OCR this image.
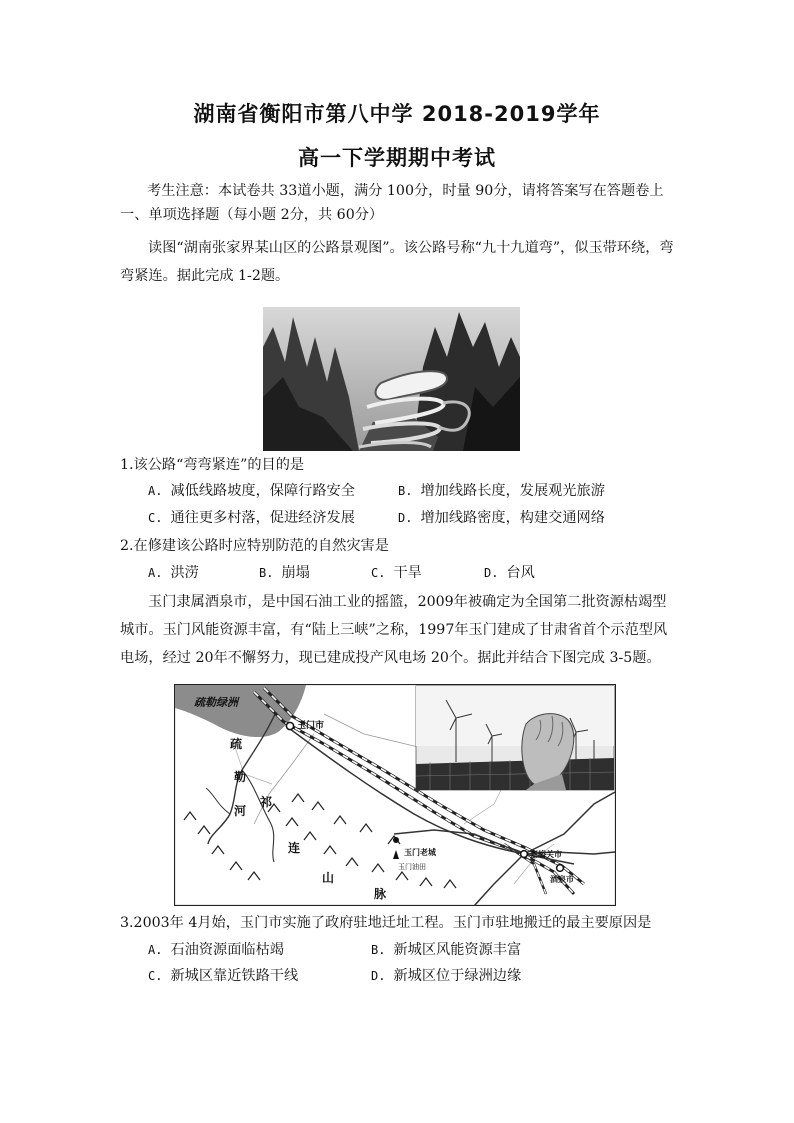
湖南省衡阳市第八中学 2018-2019学年
高一下学期期中考试
考生注意：本试卷共 33道小题，满分 100分，时量 90分，请将答案写在答题卷上
一、单项选择题（每小题 2分，共 60分）
读图“湖南张家界某山区的公路景观图”。该公路号称“九十九道弯”，似玉带环绕，弯弯紧连。据此完成 1-2题。
1.该公路“弯弯紧连”的目的是
A. 减低线路坡度，保障行路安全	B. 增加线路长度，发展观光旅游
C. 通往更多村落，促进经济发展	D. 增加线路密度，构建交通网络
2.在修建该公路时应特别防范的自然灾害是
A. 洪涝	B. 崩塌	C. 干旱	D. 台风
玉门隶属酒泉市，是中国石油工业的摇篮，2009年被确定为全国第二批资源枯竭型城市。玉门风能资源丰富，有“陆上三峡”之称，1997年玉门建成了甘肃省首个示范型风电场，经过 20年不懈努力，现已建成投产风电场 20个。据此并结合下图完成 3-5题。
疏勒绿洲
疏
勒
河
祁
连
山
脉
玉门市
玉门老城
玉门油田
嘉峪关市
酒泉市
3.2003年 4月始，玉门市实施了政府驻地迁址工程。玉门市驻地搬迁的最主要原因是
A. 石油资源面临枯竭	B. 新城区风能资源丰富
C. 新城区靠近铁路干线	D. 新城区位于绿洲边缘
